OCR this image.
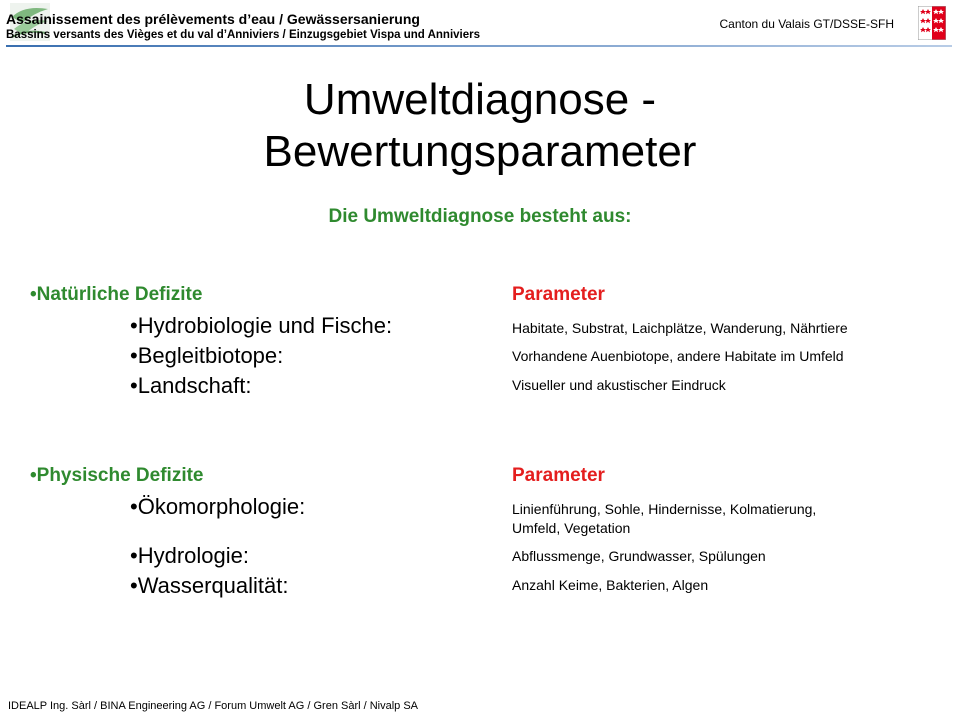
Assainissement des prélèvements d’eau / Gewässersanierung
Bassins versants des Vièges et du val d’Anniviers / Einzugsgebiet Vispa und Anniviers
Canton du Valais GT/DSSE-SFH
Umweltdiagnose -
Bewertungsparameter
Die Umweltdiagnose besteht aus:
•Natürliche Defizite	Parameter
•Hydrobiologie und Fische:	Habitate, Substrat, Laichplätze, Wanderung, Nährtiere
•Begleitbiotope:	Vorhandene Auenbiotope, andere Habitate im Umfeld
•Landschaft:	Visueller und akustischer Eindruck
•Physische Defizite	Parameter
•Ökomorphologie:	Linienführung, Sohle, Hindernisse, Kolmatierung,
Umfeld, Vegetation
•Hydrologie:	Abflussmenge, Grundwasser, Spülungen
•Wasserqualität:	Anzahl Keime, Bakterien, Algen
IDEALP Ing. Sàrl / BINA Engineering AG / Forum Umwelt AG / Gren Sàrl / Nivalp SA
